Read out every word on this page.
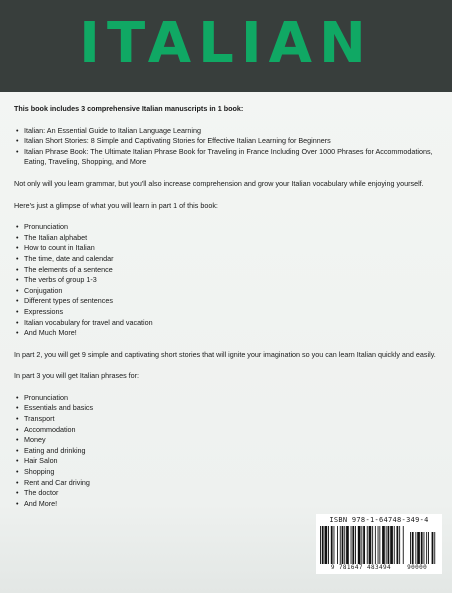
ITALIAN

This book includes 3 comprehensive Italian manuscripts in 1 book:

• Italian: An Essential Guide to Italian Language Learning
• Italian Short Stories: 8 Simple and Captivating Stories for Effective Italian Learning for Beginners
• Italian Phrase Book: The Ultimate Italian Phrase Book for Traveling in France Including Over 1000 Phrases for Accommodations, Eating, Traveling, Shopping, and More

Not only will you learn grammar, but you'll also increase comprehension and grow your Italian vocabulary while enjoying yourself.

Here's just a glimpse of what you will learn in part 1 of this book:

• Pronunciation
• The Italian alphabet
• How to count in Italian
• The time, date and calendar
• The elements of a sentence
• The verbs of group 1-3
• Conjugation
• Different types of sentences
• Expressions
• Italian vocabulary for travel and vacation
• And Much More!

In part 2, you will get 9 simple and captivating short stories that will ignite your imagination so you can learn Italian quickly and easily.

In part 3 you will get Italian phrases for:

• Pronunciation
• Essentials and basics
• Transport
• Accommodation
• Money
• Eating and drinking
• Hair Salon
• Shopping
• Rent and Car driving
• The doctor
• And More!
ISBN 978-1-64748-349-4
9 781647 483494	90000
